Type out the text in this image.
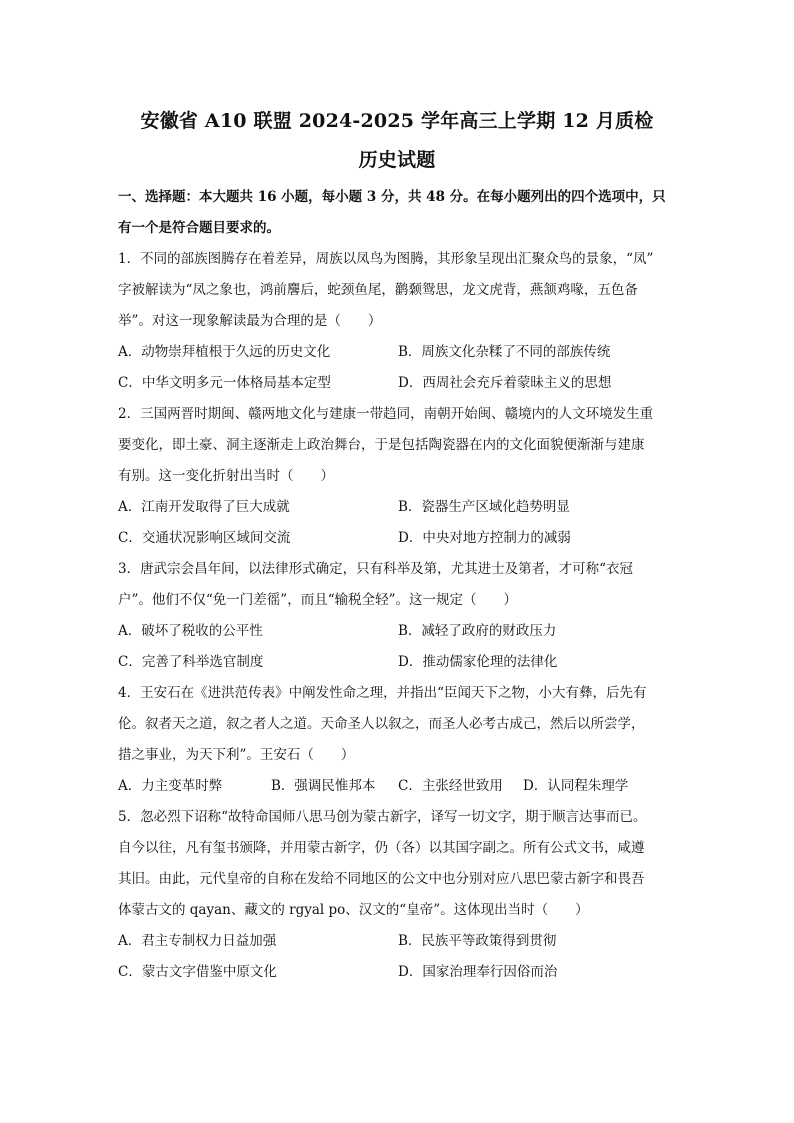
安徽省 A10 联盟 2024-2025 学年高三上学期 12 月质检
历史试题
一、选择题：本大题共 16 小题，每小题 3 分，共 48 分。在每小题列出的四个选项中，只
有一个是符合题目要求的。
1．不同的部族图腾存在着差异，周族以凤鸟为图腾，其形象呈现出汇聚众鸟的景象，“凤”
字被解读为“凤之象也，鸿前麐后，蛇颈鱼尾，鹳颡鸳思，龙文虎背，燕颔鸡喙，五色备
举”。对这一现象解读最为合理的是（　　）
A．动物崇拜植根于久远的历史文化	B．周族文化杂糅了不同的部族传统
C．中华文明多元一体格局基本定型	D．西周社会充斥着蒙昧主义的思想
2．三国两晋时期闽、赣两地文化与建康一带趋同，南朝开始闽、赣境内的人文环境发生重
要变化，即土豪、洞主逐渐走上政治舞台，于是包括陶瓷器在内的文化面貌便渐渐与建康
有别。这一变化折射出当时（　　）
A．江南开发取得了巨大成就	B．瓷器生产区域化趋势明显
C．交通状况影响区域间交流	D．中央对地方控制力的减弱
3．唐武宗会昌年间，以法律形式确定，只有科举及第，尤其进士及第者，才可称“衣冠
户”。他们不仅“免一门差徭”，而且“输税全轻”。这一规定（　　）
A．破坏了税收的公平性	B．减轻了政府的财政压力
C．完善了科举选官制度	D．推动儒家伦理的法律化
4．王安石在《进洪范传表》中阐发性命之理，并指出“臣闻天下之物，小大有彝，后先有
伦。叙者天之道，叙之者人之道。天命圣人以叙之，而圣人必考古成己，然后以所尝学，
措之事业，为天下利”。王安石（　　）
A．力主变革时弊	B．强调民惟邦本 C．主张经世致用 D．认同程朱理学
5．忽必烈下诏称“故特命国师八思马创为蒙古新字，译写一切文字，期于顺言达事而已。
自今以往，凡有玺书颁降，并用蒙古新字，仍（各）以其国字副之。所有公式文书，咸遵
其旧。由此，元代皇帝的自称在发给不同地区的公文中也分别对应八思巴蒙古新字和畏吾
体蒙古文的 qayan、藏文的 rgyal po、汉文的“皇帝”。这体现出当时（　　）
A．君主专制权力日益加强	B．民族平等政策得到贯彻
C．蒙古文字借鉴中原文化	D．国家治理奉行因俗而治
